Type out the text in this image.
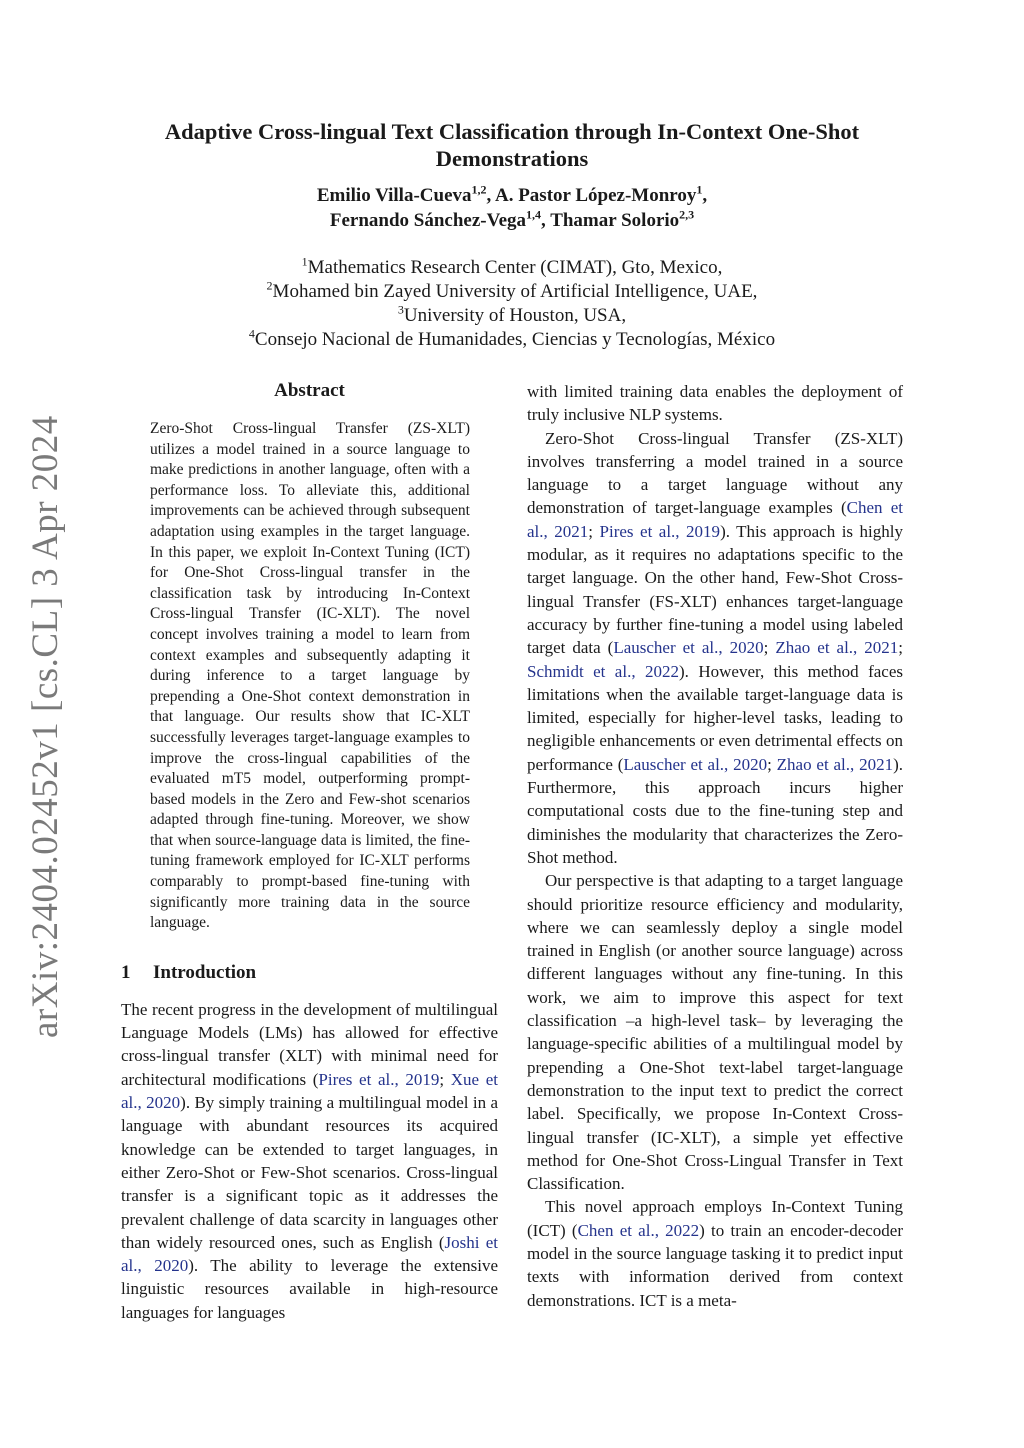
arXiv:2404.02452v1 [cs.CL] 3 Apr 2024
Adaptive Cross-lingual Text Classification through In-Context One-Shot Demonstrations
Emilio Villa-Cueva$^{1,2}$, A. Pastor López-Monroy$^1$,
Fernando Sánchez-Vega$^{1,4}$, Thamar Solorio$^{2,3}$
$^1$Mathematics Research Center (CIMAT), Gto, Mexico,
$^2$Mohamed bin Zayed University of Artificial Intelligence, UAE,
$^3$University of Houston, USA,
$^4$Consejo Nacional de Humanidades, Ciencias y Tecnologías, México
Abstract
Zero-Shot Cross-lingual Transfer (ZS-XLT) utilizes a model trained in a source language to make predictions in another language, often with a performance loss. To alleviate this, additional improvements can be achieved through subsequent adaptation using examples in the target language. In this paper, we exploit In-Context Tuning (ICT) for One-Shot Cross-lingual transfer in the classification task by introducing In-Context Cross-lingual Transfer (IC-XLT). The novel concept involves training a model to learn from context examples and subsequently adapting it during inference to a target language by prepending a One-Shot context demonstration in that language. Our results show that IC-XLT successfully leverages target-language examples to improve the cross-lingual capabilities of the evaluated mT5 model, outperforming prompt-based models in the Zero and Few-shot scenarios adapted through fine-tuning. Moreover, we show that when source-language data is limited, the fine-tuning framework employed for IC-XLT performs comparably to prompt-based fine-tuning with significantly more training data in the source language.
1 Introduction

The recent progress in the development of multilingual Language Models (LMs) has allowed for effective cross-lingual transfer (XLT) with minimal need for architectural modifications (Pires et al., 2019; Xue et al., 2020). By simply training a multilingual model in a language with abundant resources its acquired knowledge can be extended to target languages, in either Zero-Shot or Few-Shot scenarios. Cross-lingual transfer is a significant topic as it addresses the prevalent challenge of data scarcity in languages other than widely resourced ones, such as English (Joshi et al., 2020). The ability to leverage the extensive linguistic resources available in high-resource languages for languages

with limited training data enables the deployment of truly inclusive NLP systems.

Zero-Shot Cross-lingual Transfer (ZS-XLT) involves transferring a model trained in a source language to a target language without any demonstration of target-language examples (Chen et al., 2021; Pires et al., 2019). This approach is highly modular, as it requires no adaptations specific to the target language. On the other hand, Few-Shot Cross-lingual Transfer (FS-XLT) enhances target-language accuracy by further fine-tuning a model using labeled target data (Lauscher et al., 2020; Zhao et al., 2021; Schmidt et al., 2022). However, this method faces limitations when the available target-language data is limited, especially for higher-level tasks, leading to negligible enhancements or even detrimental effects on performance (Lauscher et al., 2020; Zhao et al., 2021). Furthermore, this approach incurs higher computational costs due to the fine-tuning step and diminishes the modularity that characterizes the Zero-Shot method.

Our perspective is that adapting to a target language should prioritize resource efficiency and modularity, where we can seamlessly deploy a single model trained in English (or another source language) across different languages without any fine-tuning. In this work, we aim to improve this aspect for text classification –a high-level task– by leveraging the language-specific abilities of a multilingual model by prepending a One-Shot text-label target-language demonstration to the input text to predict the correct label. Specifically, we propose In-Context Cross-lingual transfer (IC-XLT), a simple yet effective method for One-Shot Cross-Lingual Transfer in Text Classification.

This novel approach employs In-Context Tuning (ICT) (Chen et al., 2022) to train an encoder-decoder model in the source language tasking it to predict input texts with information derived from context demonstrations. ICT is a meta-
